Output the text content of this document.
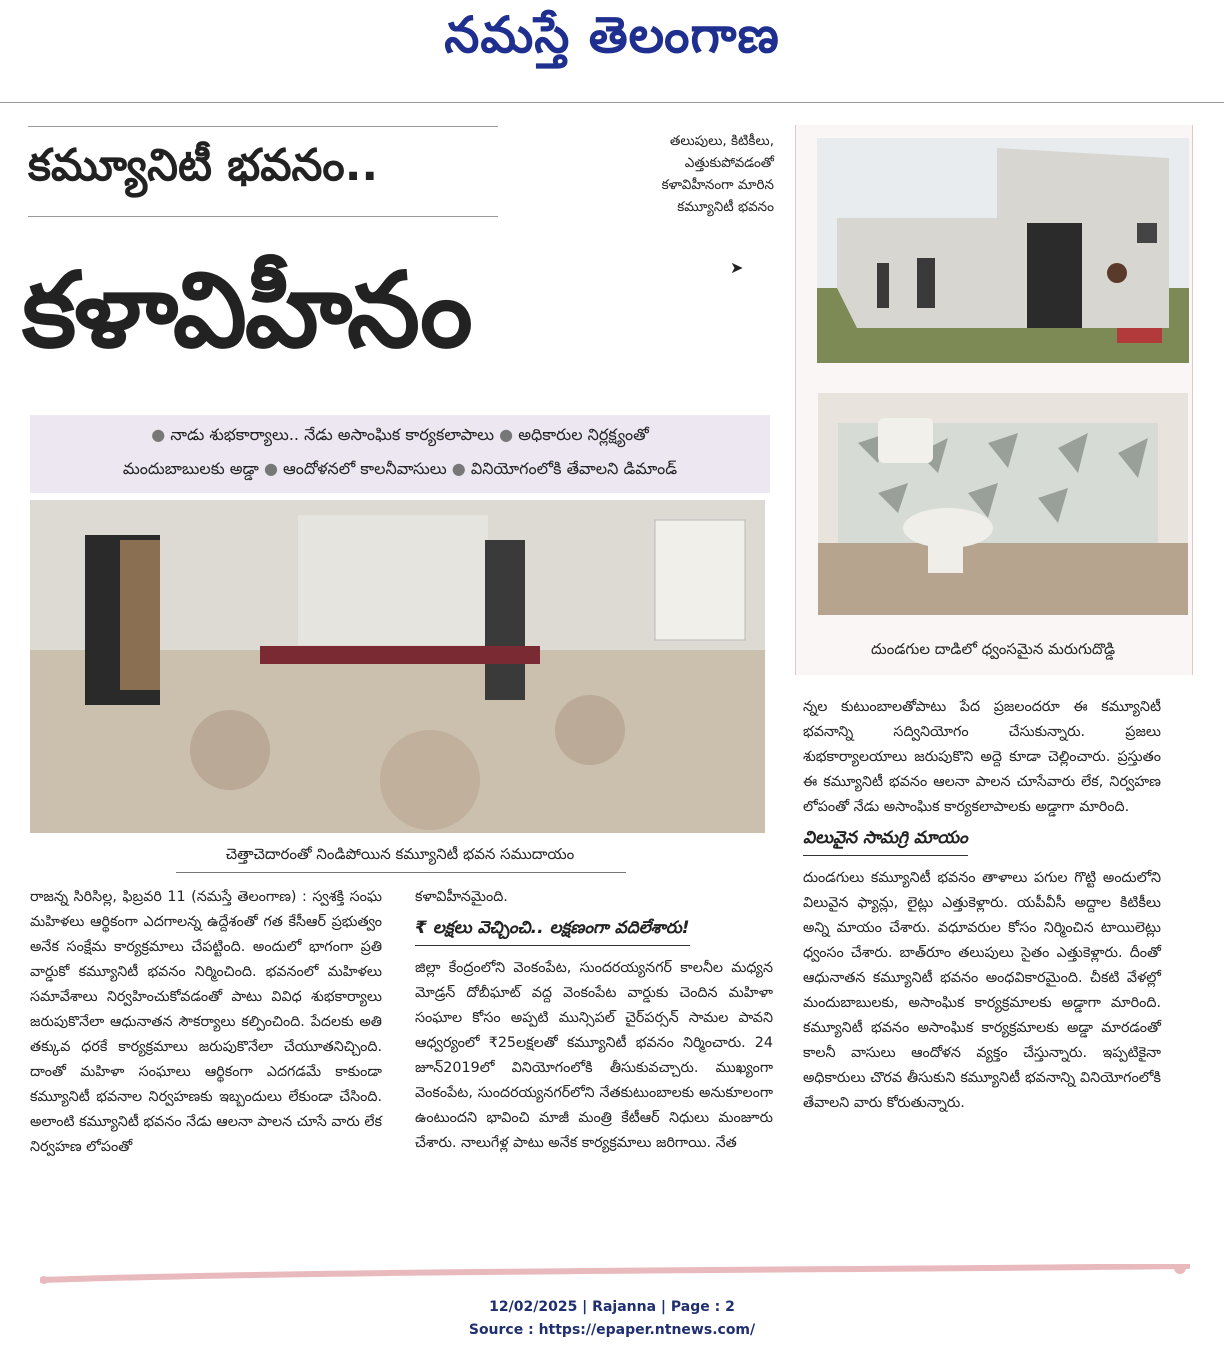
నమస్తే తెలంగాణ
కమ్యూనిటీ భవనం..
కళావిహీనం	➤
తలుపులు, కిటికీలు,
ఎత్తుకుపోవడంతో
కళావిహీనంగా మారిన
కమ్యూనిటీ భవనం
● నాడు శుభకార్యాలు.. నేడు అసాంఘిక కార్యకలాపాలు ● అధికారుల నిర్లక్ష్యంతో
మందుబాబులకు అడ్డా ● ఆందోళనలో కాలనీవాసులు ● వినియోగంలోకి తేవాలని డిమాండ్
చెత్తాచెదారంతో నిండిపోయిన కమ్యూనిటీ భవన సముదాయం
దుండగుల దాడిలో ధ్వంసమైన మరుగుదొడ్డి

రాజన్న సిరిసిల్ల, ఫిబ్రవరి 11 (నమస్తే తెలంగాణ) : స్వశక్తి సంఘ మహిళలు ఆర్థికంగా ఎదగాలన్న ఉద్దేశంతో గత కేసీఆర్‌ ప్రభుత్వం అనేక సంక్షేమ కార్యక్రమాలు చేపట్టింది. అందులో భాగంగా ప్రతి వార్డుకో కమ్యూనిటీ భవనం నిర్మించింది. భవనంలో మహిళలు సమావేశాలు నిర్వహించుకోవడంతో పాటు వివిధ శుభకార్యాలు జరుపుకొనేలా ఆధునాతన సౌకర్యాలు కల్పించింది. పేదలకు అతి తక్కువ ధరకే కార్యక్రమాలు జరుపుకొనేలా చేయూతనిచ్చింది. దాంతో మహిళా సంఘాలు ఆర్థికంగా ఎదగడమే కాకుండా కమ్యూనిటీ భవనాల నిర్వహణకు ఇబ్బందులు లేకుండా చేసింది. అలాంటి కమ్యూనిటీ భవనం నేడు ఆలనా పాలన చూసే వారు లేక నిర్వహణ లోపంతో

కళావిహీనమైంది.

₹ లక్షలు వెచ్చించి.. లక్షణంగా వదిలేశారు!

జిల్లా కేంద్రంలోని వెంకంపేట, సుందరయ్యనగర్‌ కాలనీల మధ్యన మోడ్రన్‌ దోబీఘాట్‌ వద్ద వెంకంపేట వార్డుకు చెందిన మహిళా సంఘాల కోసం అప్పటి మున్సిపల్‌ చైర్‌పర్సన్‌ సామల పావని ఆధ్వర్యంలో ₹25లక్షలతో కమ్యూనిటీ భవనం నిర్మించారు. 24 జూన్‌2019లో వినియోగంలోకి తీసుకువచ్చారు. ముఖ్యంగా వెంకంపేట, సుందరయ్యనగర్‌లోని నేతకుటుంబాలకు అనుకూలంగా ఉంటుందని భావించి మాజీ మంత్రి కేటీఆర్‌ నిధులు మంజూరు చేశారు. నాలుగేళ్ల పాటు అనేక కార్యక్రమాలు జరిగాయి. నేత

న్నల కుటుంబాలతోపాటు పేద ప్రజలందరూ ఈ కమ్యూనిటీ భవనాన్ని సద్వినియోగం చేసుకున్నారు. ప్రజలు శుభకార్యాలయాలు జరుపుకొని అద్దె కూడా చెల్లించారు. ప్రస్తుతం ఈ కమ్యూనిటీ భవనం ఆలనా పాలన చూసేవారు లేక, నిర్వహణ లోపంతో నేడు అసాంఘిక కార్యకలాపాలకు అడ్డాగా మారింది.

విలువైన సామగ్రి మాయం

దుండగులు కమ్యూనిటీ భవనం తాళాలు పగుల గొట్టి అందులోని విలువైన ఫ్యాన్లు, లైట్లు ఎత్తుకెళ్లారు. యపీవీసీ అద్దాల కిటికీలు అన్ని మాయం చేశారు. వధూవరుల కోసం నిర్మించిన టాయిలెట్లు ధ్వంసం చేశారు. బాత్‌రూం తలుపులు సైతం ఎత్తుకెళ్లారు. దీంతో ఆధునాతన కమ్యూనిటీ భవనం అంధవికారమైంది. చీకటి వేళల్లో మందుబాబులకు, అసాంఘిక కార్యక్రమాలకు అడ్డాగా మారింది. కమ్యూనిటీ భవనం అసాంఘిక కార్యక్రమాలకు అడ్డా మారడంతో కాలనీ వాసులు ఆందోళన వ్యక్తం చేస్తున్నారు. ఇప్పటికైనా అధికారులు చొరవ తీసుకుని కమ్యూనిటీ భవనాన్ని వినియోగంలోకి తేవాలని వారు కోరుతున్నారు.

12/02/2025 | Rajanna | Page : 2
Source : https://epaper.ntnews.com/
